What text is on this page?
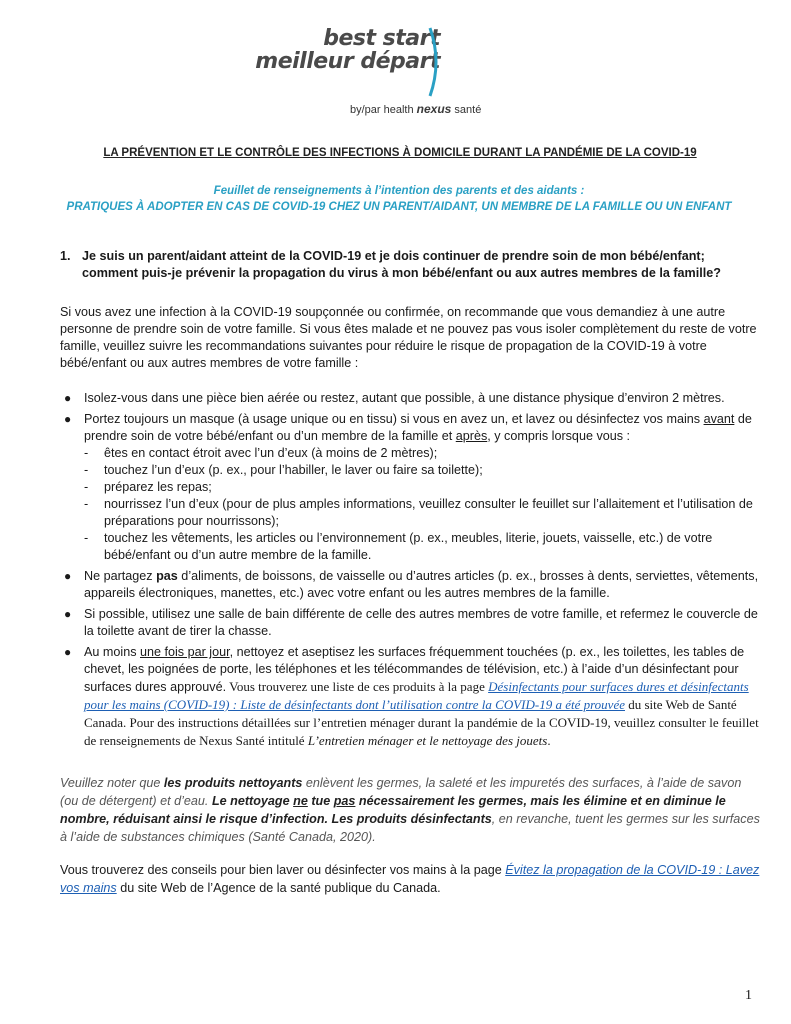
best start
meilleur départ
by/par health nexus santé
LA PRÉVENTION ET LE CONTRÔLE DES INFECTIONS À DOMICILE DURANT LA PANDÉMIE DE LA COVID-19
Feuillet de renseignements à l’intention des parents et des aidants :
PRATIQUES À ADOPTER EN CAS DE COVID-19 CHEZ UN PARENT/AIDANT, UN MEMBRE DE LA FAMILLE OU UN ENFANT
1. Je suis un parent/aidant atteint de la COVID-19 et je dois continuer de prendre soin de mon bébé/enfant; comment puis-je prévenir la propagation du virus à mon bébé/enfant ou aux autres membres de la famille?
Si vous avez une infection à la COVID-19 soupçonnée ou confirmée, on recommande que vous demandiez à une autre personne de prendre soin de votre famille. Si vous êtes malade et ne pouvez pas vous isoler complètement du reste de votre famille, veuillez suivre les recommandations suivantes pour réduire le risque de propagation de la COVID-19 à votre bébé/enfant ou aux autres membres de votre famille :
● Isolez-vous dans une pièce bien aérée ou restez, autant que possible, à une distance physique d’environ 2 mètres.
● Portez toujours un masque (à usage unique ou en tissu) si vous en avez un, et lavez ou désinfectez vos mains avant de prendre soin de votre bébé/enfant ou d’un membre de la famille et après, y compris lorsque vous :
- êtes en contact étroit avec l’un d’eux (à moins de 2 mètres);
- touchez l’un d’eux (p. ex., pour l’habiller, le laver ou faire sa toilette);
- préparez les repas;
- nourrissez l’un d’eux (pour de plus amples informations, veuillez consulter le feuillet sur l’allaitement et l’utilisation de préparations pour nourrissons);
- touchez les vêtements, les articles ou l’environnement (p. ex., meubles, literie, jouets, vaisselle, etc.) de votre bébé/enfant ou d’un autre membre de la famille.
● Ne partagez pas d’aliments, de boissons, de vaisselle ou d’autres articles (p. ex., brosses à dents, serviettes, vêtements, appareils électroniques, manettes, etc.) avec votre enfant ou les autres membres de la famille.
● Si possible, utilisez une salle de bain différente de celle des autres membres de votre famille, et refermez le couvercle de la toilette avant de tirer la chasse.
● Au moins une fois par jour, nettoyez et aseptisez les surfaces fréquemment touchées (p. ex., les toilettes, les tables de chevet, les poignées de porte, les téléphones et les télécommandes de télévision, etc.) à l’aide d’un désinfectant pour surfaces dures approuvé. Vous trouverez une liste de ces produits à la page Désinfectants pour surfaces dures et désinfectants pour les mains (COVID-19) : Liste de désinfectants dont l’utilisation contre la COVID-19 a été prouvée du site Web de Santé Canada. Pour des instructions détaillées sur l’entretien ménager durant la pandémie de la COVID-19, veuillez consulter le feuillet de renseignements de Nexus Santé intitulé L’entretien ménager et le nettoyage des jouets.
Veuillez noter que les produits nettoyants enlèvent les germes, la saleté et les impuretés des surfaces, à l’aide de savon (ou de détergent) et d’eau. Le nettoyage ne tue pas nécessairement les germes, mais les élimine et en diminue le nombre, réduisant ainsi le risque d’infection. Les produits désinfectants, en revanche, tuent les germes sur les surfaces à l’aide de substances chimiques (Santé Canada, 2020).
Vous trouverez des conseils pour bien laver ou désinfecter vos mains à la page Évitez la propagation de la COVID-19 : Lavez vos mains du site Web de l’Agence de la santé publique du Canada.
1
